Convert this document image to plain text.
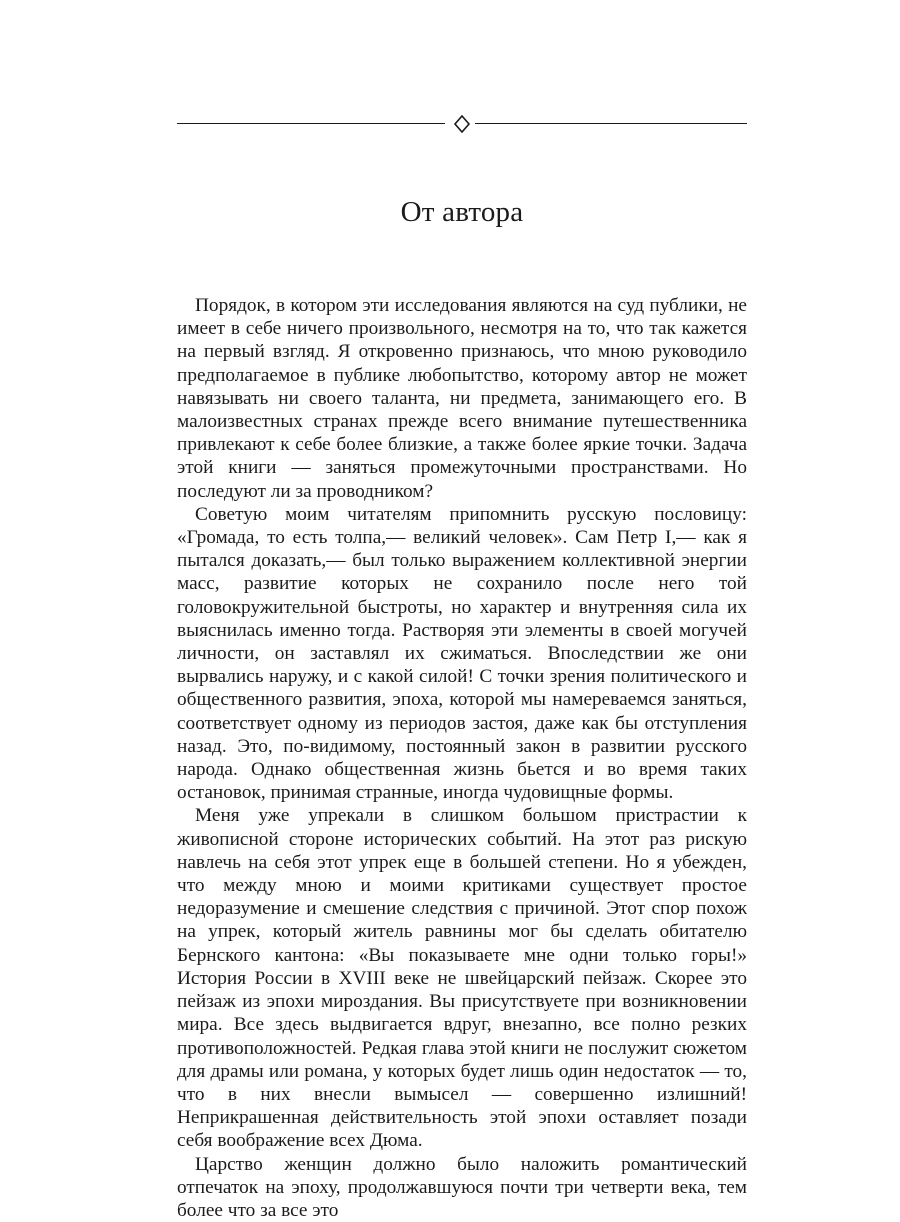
От автора

Порядок, в котором эти исследования являются на суд публики, не имеет в себе ничего произвольного, несмотря на то, что так кажется на первый взгляд. Я откровенно признаюсь, что мною руководило предполагаемое в публике любопытство, которому автор не может навязывать ни своего таланта, ни предмета, занимающего его. В малоизвестных странах прежде всего внимание путешественника привлекают к себе более близкие, а также более яркие точки. Задача этой книги — заняться промежуточными пространствами. Но последуют ли за проводником?

Советую моим читателям припомнить русскую пословицу: «Громада, то есть толпа,— великий человек». Сам Петр I,— как я пытался доказать,— был только выражением коллективной энергии масс, развитие которых не сохранило после него той головокружительной быстроты, но характер и внутренняя сила их выяснилась именно тогда. Растворяя эти элементы в своей могучей личности, он заставлял их сжиматься. Впоследствии же они вырвались наружу, и с какой силой! С точки зрения политического и общественного развития, эпоха, которой мы намереваемся заняться, соответствует одному из периодов застоя, даже как бы отступления назад. Это, по-видимому, постоянный закон в развитии русского народа. Однако общественная жизнь бьется и во время таких остановок, принимая странные, иногда чудовищные формы.

Меня уже упрекали в слишком большом пристрастии к живописной стороне исторических событий. На этот раз рискую навлечь на себя этот упрек еще в большей степени. Но я убежден, что между мною и моими критиками существует простое недоразумение и смешение следствия с причиной. Этот спор похож на упрек, который житель равнины мог бы сделать обитателю Бернского кантона: «Вы показываете мне одни только горы!» История России в XVIII веке не швейцарский пейзаж. Скорее это пейзаж из эпохи мироздания. Вы присутствуете при возникновении мира. Все здесь выдвигается вдруг, внезапно, все полно резких противоположностей. Редкая глава этой книги не послужит сюжетом для драмы или романа, у которых будет лишь один недостаток — то, что в них внесли вымысел — совершенно излишний! Неприкрашенная действительность этой эпохи оставляет позади себя воображение всех Дюма.

Царство женщин должно было наложить романтический отпечаток на эпоху, продолжавшуюся почти три четверти века, тем более что за все это
